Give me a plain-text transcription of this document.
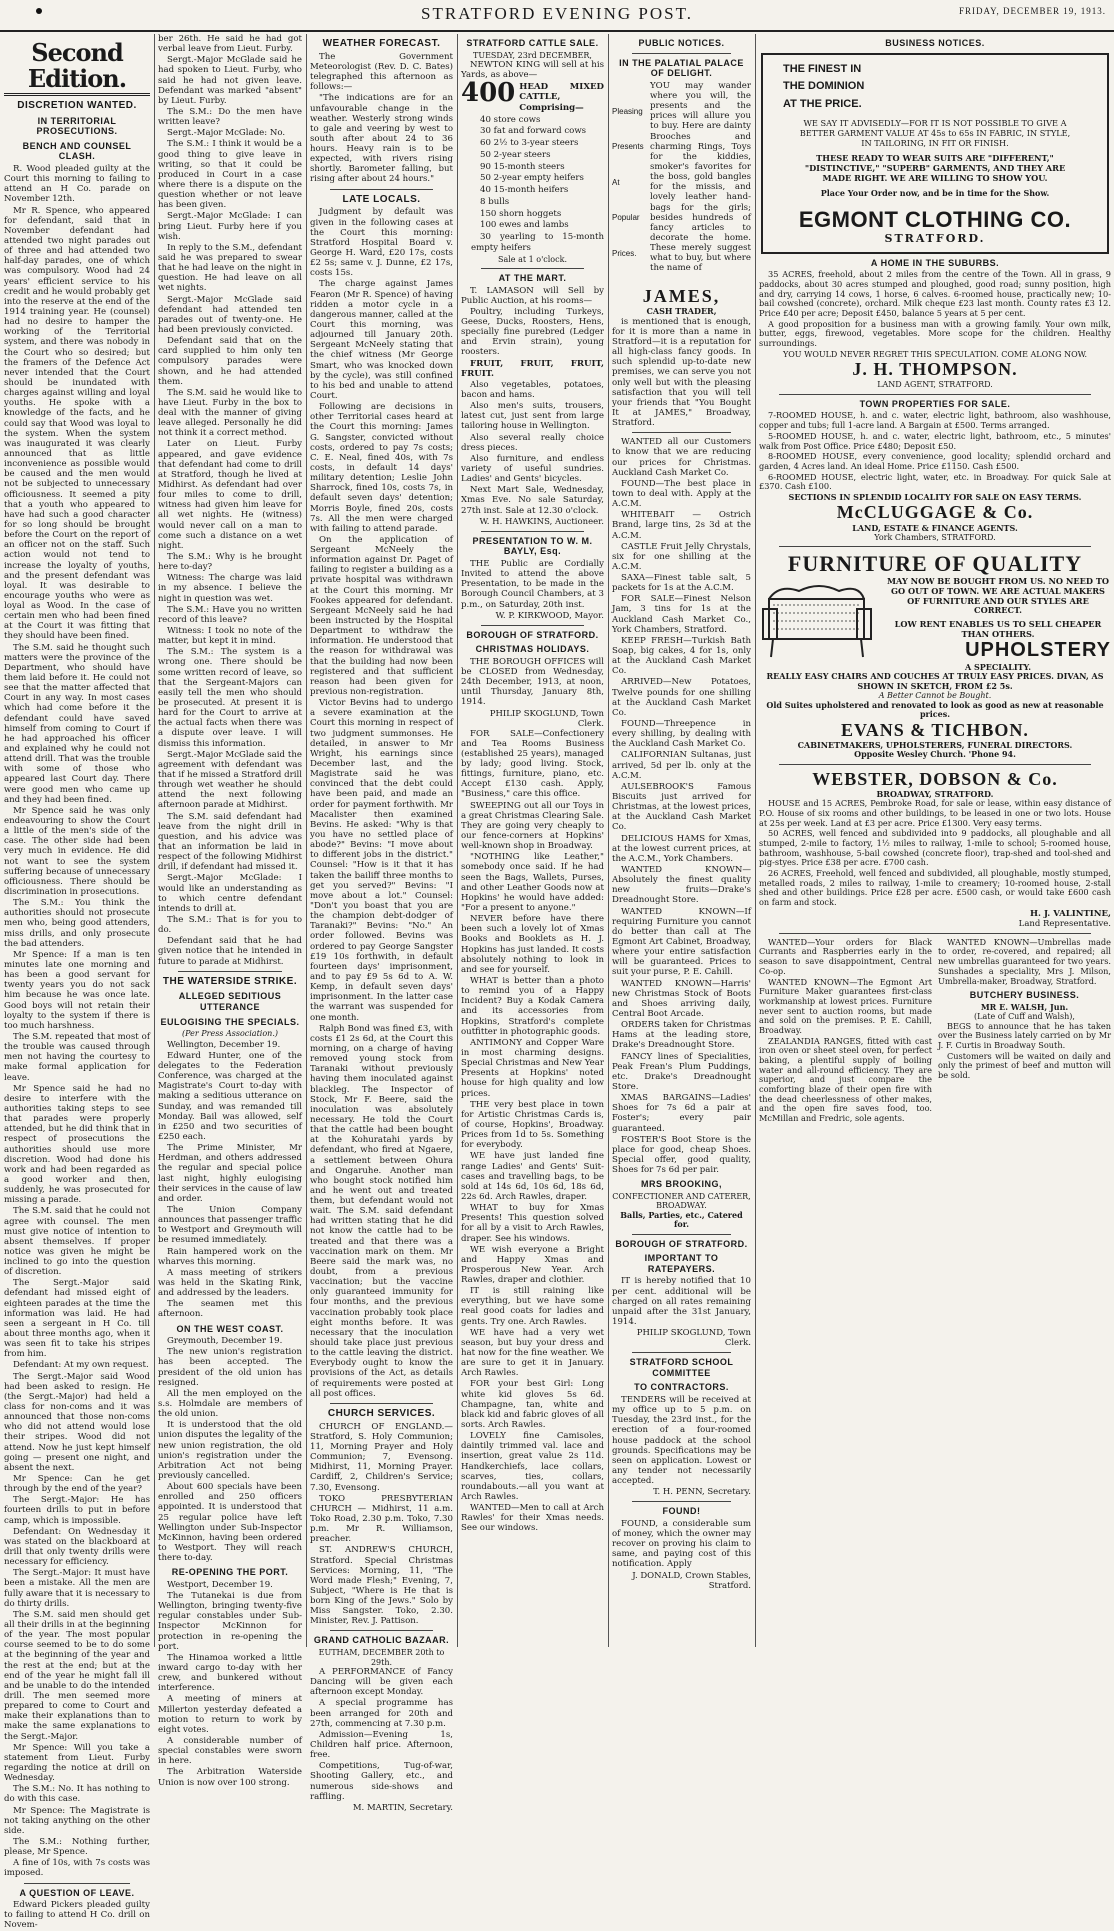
STRATFORD EVENING POST.	FRIDAY, DECEMBER 19, 1913.
Second Edition.
DISCRETION WANTED.
IN TERRITORIAL PROSECUTIONS.
BENCH AND COUNSEL CLASH.

R. Wood pleaded guilty at the Court this morning to failing to attend an H Co. parade on November 12th.

Mr R. Spence, who appeared for defendant, said that in November defendant had attended two night parades out of three and had attended two half-day parades, one of which was compulsory. Wood had 24 years' efficient service to his credit and he would probably get into the reserve at the end of the 1914 training year. He (counsel) had no desire to hamper the working of the Territorial system, and there was nobody in the Court who so desired; but the framers of the Defence Act never intended that the Court should be inundated with charges against willing and loyal youths. He spoke with a knowledge of the facts, and he could say that Wood was loyal to the system. When the system was inaugurated it was clearly announced that as little inconvenience as possible would be caused and the men would not be subjected to unnecessary officiousness. It seemed a pity that a youth who appeared to have had such a good character for so long should be brought before the Court on the report of an officer not on the staff. Such action would not tend to increase the loyalty of youths, and the present defendant was loyal. It was desirable to encourage youths who were as loyal as Wood. In the case of certain men who had been fined at the Court it was fitting that they should have been fined.

The S.M. said he thought such matters were the province of the Department, who should have them laid before it. He could not see that the matter affected that Court in any way. In most cases which had come before it the defendant could have saved himself from coming to Court if he had approached his officer and explained why he could not attend drill. That was the trouble with some of those who appeared last Court day. There were good men who came up and they had been fined.

Mr Spence said he was only endeavouring to show the Court a little of the men's side of the case. The other side had been very much in evidence. He did not want to see the system suffering because of unnecessary officiousness. There should be discrimination in prosecutions.

The S.M.: You think the authorities should not prosecute men who, being good attenders, miss drills, and only prosecute the bad attenders.

Mr Spence: If a man is ten minutes late one morning and has been a good servant for twenty years you do not sack him because he was once late. Good boys will not retain their loyalty to the system if there is too much harshness.

The S.M. repeated that most of the trouble was caused through men not having the courtesy to make formal application for leave.

Mr Spence said he had no desire to interfere with the authorities taking steps to see that parades were properly attended, but he did think that in respect of prosecutions the authorities should use more discretion. Wood had done his work and had been regarded as a good worker and then, suddenly, he was prosecuted for missing a parade.

The S.M. said that he could not agree with counsel. The men must give notice of intention to absent themselves. If proper notice was given he might be inclined to go into the question of discretion.

The Sergt.-Major said defendant had missed eight of eighteen parades at the time the information was laid. He had seen a sergeant in H Co. till about three months ago, when it was seen fit to take his stripes from him.

Defendant: At my own request.

The Sergt.-Major said Wood had been asked to resign. He (the Sergt.-Major) had held a class for non-coms and it was announced that those non-coms who did not attend would lose their stripes. Wood did not attend. Now he just kept himself going — present one night, and absent the next.

Mr Spence: Can he get through by the end of the year?

The Sergt.-Major: He has fourteen drills to put in before camp, which is impossible.

Defendant: On Wednesday it was stated on the blackboard at drill that only twenty drills were necessary for efficiency.

The Sergt.-Major: It must have been a mistake. All the men are fully aware that it is necessary to do thirty drills.

The S.M. said men should get all their drills in at the beginning of the year. The most popular course seemed to be to do some at the beginning of the year and the rest at the end; but at the end of the year he might fall ill and be unable to do the intended drill. The men seemed more prepared to come to Court and make their explanations than to make the same explanations to the Sergt.-Major.

Mr Spence: Will you take a statement from Lieut. Furby regarding the notice at drill on Wednesday.

The S.M.: No. It has nothing to do with this case.

Mr Spence: The Magistrate is not taking anything on the other side.

The S.M.: Nothing further, please, Mr Spence.

A fine of 10s, with 7s costs was imposed.

A QUESTION OF LEAVE.

Edward Pickers pleaded guilty to failing to attend H Co. drill on Novem-

ber 26th. He said he had got verbal leave from Lieut. Furby.

Sergt.-Major McGlade said he had spoken to Lieut. Furby, who said he had not given leave. Defendant was marked "absent" by Lieut. Furby.

The S.M.: Do the men have written leave?

Sergt.-Major McGlade: No.

The S.M.: I think it would be a good thing to give leave in writing, so that it could be produced in Court in a case where there is a dispute on the question whether or not leave has been given.

Sergt.-Major McGlade: I can bring Lieut. Furby here if you wish.

In reply to the S.M., defendant said he was prepared to swear that he had leave on the night in question. He had leave on all wet nights.

Sergt.-Major McGlade said defendant had attended ten parades out of twenty-one. He had been previously convicted.

Defendant said that on the card supplied to him only ten compulsory parades were shown, and he had attended them.

The S.M. said he would like to have Lieut. Furby in the box to deal with the manner of giving leave alleged. Personally he did not think it a correct method.

Later on Lieut. Furby appeared, and gave evidence that defendant had come to drill at Stratford, though he lived at Midhirst. As defendant had over four miles to come to drill, witness had given him leave for all wet nights. He (witness) would never call on a man to come such a distance on a wet night.

The S.M.: Why is he brought here to-day?

Witness: The charge was laid in my absence. I believe the night in question was wet.

The S.M.: Have you no written record of this leave?

Witness: I took no note of the matter, but kept it in mind.

The S.M.: The system is a wrong one. There should be some written record of leave, so that the Sergeant-Majors can easily tell the men who should be prosecuted. At present it is hard for the Court to arrive at the actual facts when there was a dispute over leave. I will dismiss this information.

Sergt.-Major McGlade said the agreement with defendant was that if he missed a Stratford drill through wet weather he should attend the next following afternoon parade at Midhirst.

The S.M. said defendant had leave from the night drill in question, and his advice was that an information be laid in respect of the following Midhirst drill, if defendant had missed it.

Sergt.-Major McGlade: I would like an understanding as to which centre defendant intends to drill at.

The S.M.: That is for you to do.

Defendant said that he had given notice that he intended in future to parade at Midhirst.

THE WATERSIDE STRIKE.
ALLEGED SEDITIOUS UTTERANCE
EULOGISING THE SPECIALS.
(Per Press Association.)

Wellington, December 19.

Edward Hunter, one of the delegates to the Federation Conference, was charged at the Magistrate's Court to-day with making a seditious utterance on Sunday, and was remanded till Monday. Bail was allowed, self in £250 and two securities of £250 each.

The Prime Minister, Mr Herdman, and others addressed the regular and special police last night, highly eulogising their services in the cause of law and order.

The Union Company announces that passenger traffic to Westport and Greymouth will be resumed immediately.

Rain hampered work on the wharves this morning.

A mass meeting of strikers was held in the Skating Rink, and addressed by the leaders.

The seamen met this afternoon.

ON THE WEST COAST.

Greymouth, December 19.

The new union's registration has been accepted. The president of the old union has resigned.

All the men employed on the s.s. Holmdale are members of the old union.

It is understood that the old union disputes the legality of the new union registration, the old union's registration under the Arbitration Act not being previously cancelled.

About 600 specials have been enrolled and 250 officers appointed. It is understood that 25 regular police have left Wellington under Sub-Inspector McKinnon, having been ordered to Westport. They will reach there to-day.

RE-OPENING THE PORT.

Westport, December 19.

The Tutanekai is due from Wellington, bringing twenty-five regular constables under Sub-Inspector McKinnon for protection in re-opening the port.

The Hinamoa worked a little inward cargo to-day with her crew, and bunkered without interference.

A meeting of miners at Millerton yesterday defeated a motion to return to work by eight votes.

A considerable number of special constables were sworn in here.

The Arbitration Waterside Union is now over 100 strong.

WEATHER FORECAST.

The Government Meteorologist (Rev. D. C. Bates) telegraphed this afternoon as follows:—

"The indications are for an unfavourable change in the weather. Westerly strong winds to gale and veering by west to south after about 24 to 36 hours. Heavy rain is to be expected, with rivers rising shortly. Barometer falling, but rising after about 24 hours."

LATE LOCALS.

Judgment by default was given in the following cases at the Court this morning: Stratford Hospital Board v. George H. Ward, £20 17s, costs £2 5s; same v. J. Dunne, £2 17s, costs 15s.

The charge against James Fearon (Mr R. Spence) of having ridden a motor cycle in a dangerous manner, called at the Court this morning, was adjourned till January 20th. Sergeant McNeely stating that the chief witness (Mr George Smart, who was knocked down by the cycle), was still confined to his bed and unable to attend Court.

Following are decisions in other Territorial cases heard at the Court this morning: James G. Sangster, convicted without costs, ordered to pay 7s costs; C. E. Neal, fined 40s, with 7s costs, in default 14 days' military detention; Leslie John Sharrock, fined 10s, costs 7s, in default seven days' detention; Morris Boyle, fined 20s, costs 7s. All the men were charged with failing to attend parade.

On the application of Sergeant McNeely the information against Dr. Paget of failing to register a building as a private hospital was withdrawn at the Court this morning. Mr Fookes appeared for defendant. Sergeant McNeely said he had been instructed by the Hospital Department to withdraw the information. He understood that the reason for withdrawal was that the building had now been registered and that sufficient reason had been given for previous non-registration.

Victor Bevins had to undergo a severe examination at the Court this morning in respect of two judgment summonses. He detailed, in answer to Mr Wright, his earnings since December last, and the Magistrate said he was convinced that the debt could have been paid, and made an order for payment forthwith. Mr Macalister then examined Bevins. He asked: "Why is that you have no settled place of abode?" Bevins: "I move about to different jobs in the district." Counsel: "How is it that it has taken the bailiff three months to get you served?" Bevins: "I move about a lot." Counsel: "Don't you boast that you are the champion debt-dodger of Taranaki?" Bevins: "No." An order followed. Bevins was ordered to pay George Sangster £19 10s forthwith, in default fourteen days' imprisonment, and to pay £9 5s 6d to A. W. Kemp, in default seven days' imprisonment. In the latter case the warrant was suspended for one month.

Ralph Bond was fined £3, with costs £1 2s 6d, at the Court this morning, on a charge of having removed young stock from Taranaki without previously having them inoculated against blackleg. The Inspector of Stock, Mr F. Beere, said the inoculation was absolutely necessary. He told the Court that the cattle had been bought at the Kohuratahi yards by defendant, who fired at Ngaere, a settlement between Ohura and Ongaruhe. Another man who bought stock notified him and he went out and treated them, but defendant would not wait. The S.M. said defendant had written stating that he did not know the cattle had to be treated and that there was a vaccination mark on them. Mr Beere said the mark was, no doubt, from a previous vaccination; but the vaccine only guaranteed immunity for four months, and the previous vaccination probably took place eight months before. It was necessary that the inoculation should take place just previous to the cattle leaving the district. Everybody ought to know the provisions of the Act, as details of requirements were posted at all post offices.

CHURCH SERVICES.

CHURCH OF ENGLAND.—Stratford, S. Holy Communion; 11, Morning Prayer and Holy Communion; 7, Evensong. Midhirst, 11, Morning Prayer. Cardiff, 2, Children's Service; 7.30, Evensong.

TOKO PRESBYTERIAN CHURCH — Midhirst, 11 a.m. Toko Road, 2.30 p.m. Toko, 7.30 p.m. Mr R. Williamson, preacher.

ST. ANDREW'S CHURCH, Stratford. Special Christmas Services: Morning, 11, "The Word made Flesh;" Evening, 7, Subject, "Where is He that is born King of the Jews." Solo by Miss Sangster. Toko, 2.30. Minister, Rev. J. Pattison.

GRAND CATHOLIC BAZAAR.
EUTHAM, DECEMBER 20th to 29th.

A PERFORMANCE of Fancy Dancing will be given each afternoon except Monday.

A special programme has been arranged for 20th and 27th, commencing at 7.30 p.m.

Admission—Evening 1s, Children half price. Afternoon, free.

Competitions, Tug-of-war, Shooting Gallery, etc., and numerous side-shows and raffling.

M. MARTIN, Secretary.
STRATFORD CATTLE SALE.
TUESDAY, 23rd DECEMBER,

NEWTON KING will sell at his Yards, as above—

400 HEAD MIXED CATTLE, Comprising—

40 store cows

30 fat and forward cows

60 2½ to 3-year steers

50 2-year steers

90 15-month steers

50 2-year empty heifers

40 15-month heifers

8 bulls

150 shorn hoggets

100 ewes and lambs

30 yearling to 15-month empty heifers

Sale at 1 o'clock.
AT THE MART.

T. LAMASON will Sell by Public Auction, at his rooms—

Poultry, including Turkeys, Geese, Ducks, Roosters, Hens, specially fine purebred (Ledger and Ervin strain), young roosters.

FRUIT, FRUIT, FRUIT, FRUIT.

Also vegetables, potatoes, bacon and hams.

Also men's suits, trousers, latest cut, just sent from large tailoring house in Wellington.

Also several really choice dress pieces.

Also furniture, and endless variety of useful sundries. Ladies' and Gents' bicycles.

Next Mart Sale, Wednesday, Xmas Eve. No sale Saturday, 27th inst. Sale at 12.30 o'clock.

W. H. HAWKINS, Auctioneer.
PRESENTATION TO W. M. BAYLY, Esq.

THE Public are Cordially Invited to attend the above Presentation, to be made in the Borough Council Chambers, at 3 p.m., on Saturday, 20th inst.

W. P. KIRKWOOD, Mayor.
BOROUGH OF STRATFORD.
CHRISTMAS HOLIDAYS.

THE BOROUGH OFFICES will be CLOSED from Wednesday, 24th December, 1913, at noon, until Thursday, January 8th, 1914.

PHILIP SKOGLUND, Town Clerk.

FOR SALE—Confectionery and Tea Rooms Business (established 25 years), managed by lady; good living. Stock, fittings, furniture, piano, etc. Accept £130 cash. Apply, "Business," care this office.

SWEEPING out all our Toys in a great Christmas Clearing Sale. They are going very cheaply to our fence-corners at Hopkins' well-known shop in Broadway.

"NOTHING like Leather," somebody once said. If he had seen the Bags, Wallets, Purses, and other Leather Goods now at Hopkins' he would have added: "For a present to anyone."

NEVER before have there been such a lovely lot of Xmas Books and Booklets as H. J. Hopkins has just landed. It costs absolutely nothing to look in and see for yourself.

WHAT is better than a photo to remind you of a Happy Incident? Buy a Kodak Camera and its accessories from Hopkins, Stratford's complete outfitter in photographic goods.

ANTIMONY and Copper Ware in most charming designs. Special Christmas and New Year Presents at Hopkins' noted house for high quality and low prices.

THE very best place in town for Artistic Christmas Cards is, of course, Hopkins', Broadway. Prices from 1d to 5s. Something for everybody.

WE have just landed fine range Ladies' and Gents' Suit-cases and travelling bags, to be sold at 14s 6d, 10s 6d, 18s 6d, 22s 6d. Arch Rawles, draper.

WHAT to buy for Xmas Presents! This question solved for all by a visit to Arch Rawles, draper. See his windows.

WE wish everyone a Bright and Happy Xmas and Prosperous New Year. Arch Rawles, draper and clothier.

IT is still raining like everything, but we have some real good coats for ladies and gents. Try one. Arch Rawles.

WE have had a very wet season, but buy your dress and hat now for the fine weather. We are sure to get it in January. Arch Rawles.

FOR your best Girl: Long white kid gloves 5s 6d. Champagne, tan, white and black kid and fabric gloves of all sorts. Arch Rawles.

LOVELY fine Camisoles, daintily trimmed val. lace and insertion, great value 2s 11d. Handkerchiefs, lace collars, scarves, ties, collars, roundabouts.—all you want at Arch Rawles.

WANTED—Men to call at Arch Rawles' for their Xmas needs. See our windows.

PUBLIC NOTICES.
IN THE PALATIAL PALACE OF DELIGHT.
Pleasing
Presents
At
Popular
Prices.
YOU may wander where you will, the presents and the prices will allure you to buy. Here are dainty Brooches and charming Rings, Toys for the kiddies, smoker's favorites for the boss, gold bangles for the missis, and lovely leather hand-bags for the girls; besides hundreds of fancy articles to decorate the home. These merely suggest what to buy, but where the name of
JAMES,
CASH TRADER,

is mentioned that is enough, for it is more than a name in Stratford—it is a reputation for all high-class fancy goods. In such splendid up-to-date new premises, we can serve you not only well but with the pleasing satisfaction that you will tell your friends that "You Bought It at JAMES," Broadway, Stratford.

WANTED all our Customers to know that we are reducing our prices for Christmas. Auckland Cash Market Co.

FOUND—The best place in town to deal with. Apply at the A.C.M.

WHITEBAIT — Ostrich Brand, large tins, 2s 3d at the A.C.M.

CASTLE Fruit Jelly Chrystals, six for one shilling at the A.C.M.

SAXA—Finest table salt, 5 packets for 1s at the A.C.M.

FOR SALE—Finest Nelson Jam, 3 tins for 1s at the Auckland Cash Market Co., York Chambers, Stratford.

KEEP FRESH—Turkish Bath Soap, big cakes, 4 for 1s, only at the Auckland Cash Market Co.

ARRIVED—New Potatoes, Twelve pounds for one shilling at the Auckland Cash Market Co.

FOUND—Threepence in every shilling, by dealing with the Auckland Cash Market Co.

CALIFORNIAN Sultanas, just arrived, 5d per lb. only at the A.C.M.

AULSEBROOK'S Famous Biscuits just arrived for Christmas, at the lowest prices, at the Auckland Cash Market Co.

DELICIOUS HAMS for Xmas, at the lowest current prices, at the A.C.M., York Chambers.

WANTED KNOWN—Absolutely the finest quality new fruits—Drake's Dreadnought Store.

WANTED KNOWN—If requiring Furniture you cannot do better than call at The Egmont Art Cabinet, Broadway, where your entire satisfaction will be guaranteed. Prices to suit your purse, P. E. Cahill.

WANTED KNOWN—Harris' new Christmas Stock of Boots and Shoes arriving daily, Central Boot Arcade.

ORDERS taken for Christmas Hams at the leading store, Drake's Dreadnought Store.

FANCY lines of Specialities, Peak Frean's Plum Puddings, etc. Drake's Dreadnought Store.

XMAS BARGAINS—Ladies' Shoes for 7s 6d a pair at Foster's; every pair guaranteed.

FOSTER'S Boot Store is the place for good, cheap Shoes. Special offer, good quality, Shoes for 7s 6d per pair.

MRS BROOKING,
CONFECTIONER AND CATERER, BROADWAY.
Balls, Parties, etc., Catered for.
BOROUGH OF STRATFORD.
IMPORTANT TO RATEPAYERS.

IT is hereby notified that 10 per cent. additional will be charged on all rates remaining unpaid after the 31st January, 1914.

PHILIP SKOGLUND, Town Clerk.
STRATFORD SCHOOL COMMITTEE
TO CONTRACTORS.

TENDERS will be received at my office up to 5 p.m. on Tuesday, the 23rd inst., for the erection of a four-roomed house paddock at the school grounds. Specifications may be seen on application. Lowest or any tender not necessarily accepted.

T. H. PENN, Secretary.
FOUND!

FOUND, a considerable sum of money, which the owner may recover on proving his claim to same, and paying cost of this notification. Apply

J. DONALD, Crown Stables, Stratford.
BUSINESS NOTICES.
THE FINEST IN
THE DOMINION
AT THE PRICE.
WE SAY IT ADVISEDLY—FOR IT IS NOT POSSIBLE TO GIVE A BETTER GARMENT VALUE AT 45s to 65s IN FABRIC, IN STYLE, IN TAILORING, IN FIT OR FINISH.
THESE READY TO WEAR SUITS ARE "DIFFERENT," "DISTINCTIVE," "SUPERB" GARMENTS, AND THEY ARE MADE RIGHT. WE ARE WILLING TO SHOW YOU.
Place Your Order now, and be in time for the Show.
EGMONT CLOTHING CO.
STRATFORD.
A HOME IN THE SUBURBS.

35 ACRES, freehold, about 2 miles from the centre of the Town. All in grass, 9 paddocks, about 30 acres stumped and ploughed, good road; sunny position, high and dry, carrying 14 cows, 1 horse, 6 calves. 6-roomed house, practically new; 10-bail cowshed (concrete), orchard. Milk cheque £23 last month. County rates £3 12. Price £40 per acre; Deposit £450, balance 5 years at 5 per cent.

A good proposition for a business man with a growing family. Your own milk, butter, eggs, firewood, vegetables. More scope for the children. Healthy surroundings.

YOU WOULD NEVER REGRET THIS SPECULATION. COME ALONG NOW.
J. H. THOMPSON.
LAND AGENT, STRATFORD.
TOWN PROPERTIES FOR SALE.

7-ROOMED HOUSE, h. and c. water, electric light, bathroom, also washhouse, copper and tubs; full 1-acre land. A Bargain at £500. Terms arranged.

5-ROOMED HOUSE, h. and c. water, electric light, bathroom, etc., 5 minutes' walk from Post Office. Price £480; Deposit £50.

8-ROOMED HOUSE, every convenience, good locality; splendid orchard and garden, 4 Acres land. An ideal Home. Price £1150. Cash £500.

6-ROOMED HOUSE, electric light, water, etc. in Broadway. For quick Sale at £370. Cash £100.

SECTIONS IN SPLENDID LOCALITY FOR SALE ON EASY TERMS.
McCLUGGAGE & Co.
LAND, ESTATE & FINANCE AGENTS.
York Chambers, STRATFORD.
FURNITURE OF QUALITY
MAY NOW BE BOUGHT FROM US. NO NEED TO GO OUT OF TOWN. WE ARE ACTUAL MAKERS OF FURNITURE AND OUR STYLES ARE CORRECT.
LOW RENT ENABLES US TO SELL CHEAPER THAN OTHERS.
UPHOLSTERY
A SPECIALITY.
REALLY EASY CHAIRS AND COUCHES AT TRULY EASY PRICES. DIVAN, AS SHOWN IN SKETCH, FROM £2 5s.
A Better Cannot be Bought.
Old Suites upholstered and renovated to look as good as new at reasonable prices.
EVANS & TICHBON.
CABINETMAKERS, UPHOLSTERERS, FUNERAL DIRECTORS.
Opposite Wesley Church. 'Phone 94.
WEBSTER, DOBSON & Co.
BROADWAY, STRATFORD.

HOUSE and 15 ACRES, Pembroke Road, for sale or lease, within easy distance of P.O. House of six rooms and other buildings, to be leased in one or two lots. House at 25s per week. Land at £3 per acre. Price £1300. Very easy terms.

50 ACRES, well fenced and subdivided into 9 paddocks, all ploughable and all stumped, 2-mile to factory, 1½ miles to railway, 1-mile to school; 5-roomed house, bathroom, washhouse, 5-bail cowshed (concrete floor), trap-shed and tool-shed and pig-styes. Price £38 per acre. £700 cash.

26 ACRES, Freehold, well fenced and subdivided, all ploughable, mostly stumped, metalled roads, 2 miles to railway, 1-mile to creamery; 10-roomed house, 2-stall shed and other buildings. Price £28 per acre. £500 cash, or would take £600 cash on farm and stock.

H. J. VALINTINE,
Land Representative.

WANTED—Your orders for Black Currants and Raspberries early in the season to save disappointment, Central Co-op.

WANTED KNOWN—The Egmont Art Furniture Maker guarantees first-class workmanship at lowest prices. Furniture never sent to auction rooms, but made and sold on the premises. P. E. Cahill, Broadway.

ZEALANDIA RANGES, fitted with cast iron oven or sheet steel oven, for perfect baking, a plentiful supply of boiling water and all-round efficiency. They are superior, and just compare the comforting blaze of their open fire with the dead cheerlessness of other makes, and the open fire saves food, too. McMillan and Fredric, sole agents.

WANTED KNOWN—Umbrellas made to order, re-covered, and repaired; all new umbrellas guaranteed for two years. Sunshades a speciality, Mrs J. Milson, Umbrella-maker, Broadway, Stratford.

BUTCHERY BUSINESS.
MR E. WALSH, Jun.
(Late of Cuff and Walsh),

BEGS to announce that he has taken over the Business lately carried on by Mr J. F. Curtis in Broadway South.

Customers will be waited on daily and only the primest of beef and mutton will be sold.
